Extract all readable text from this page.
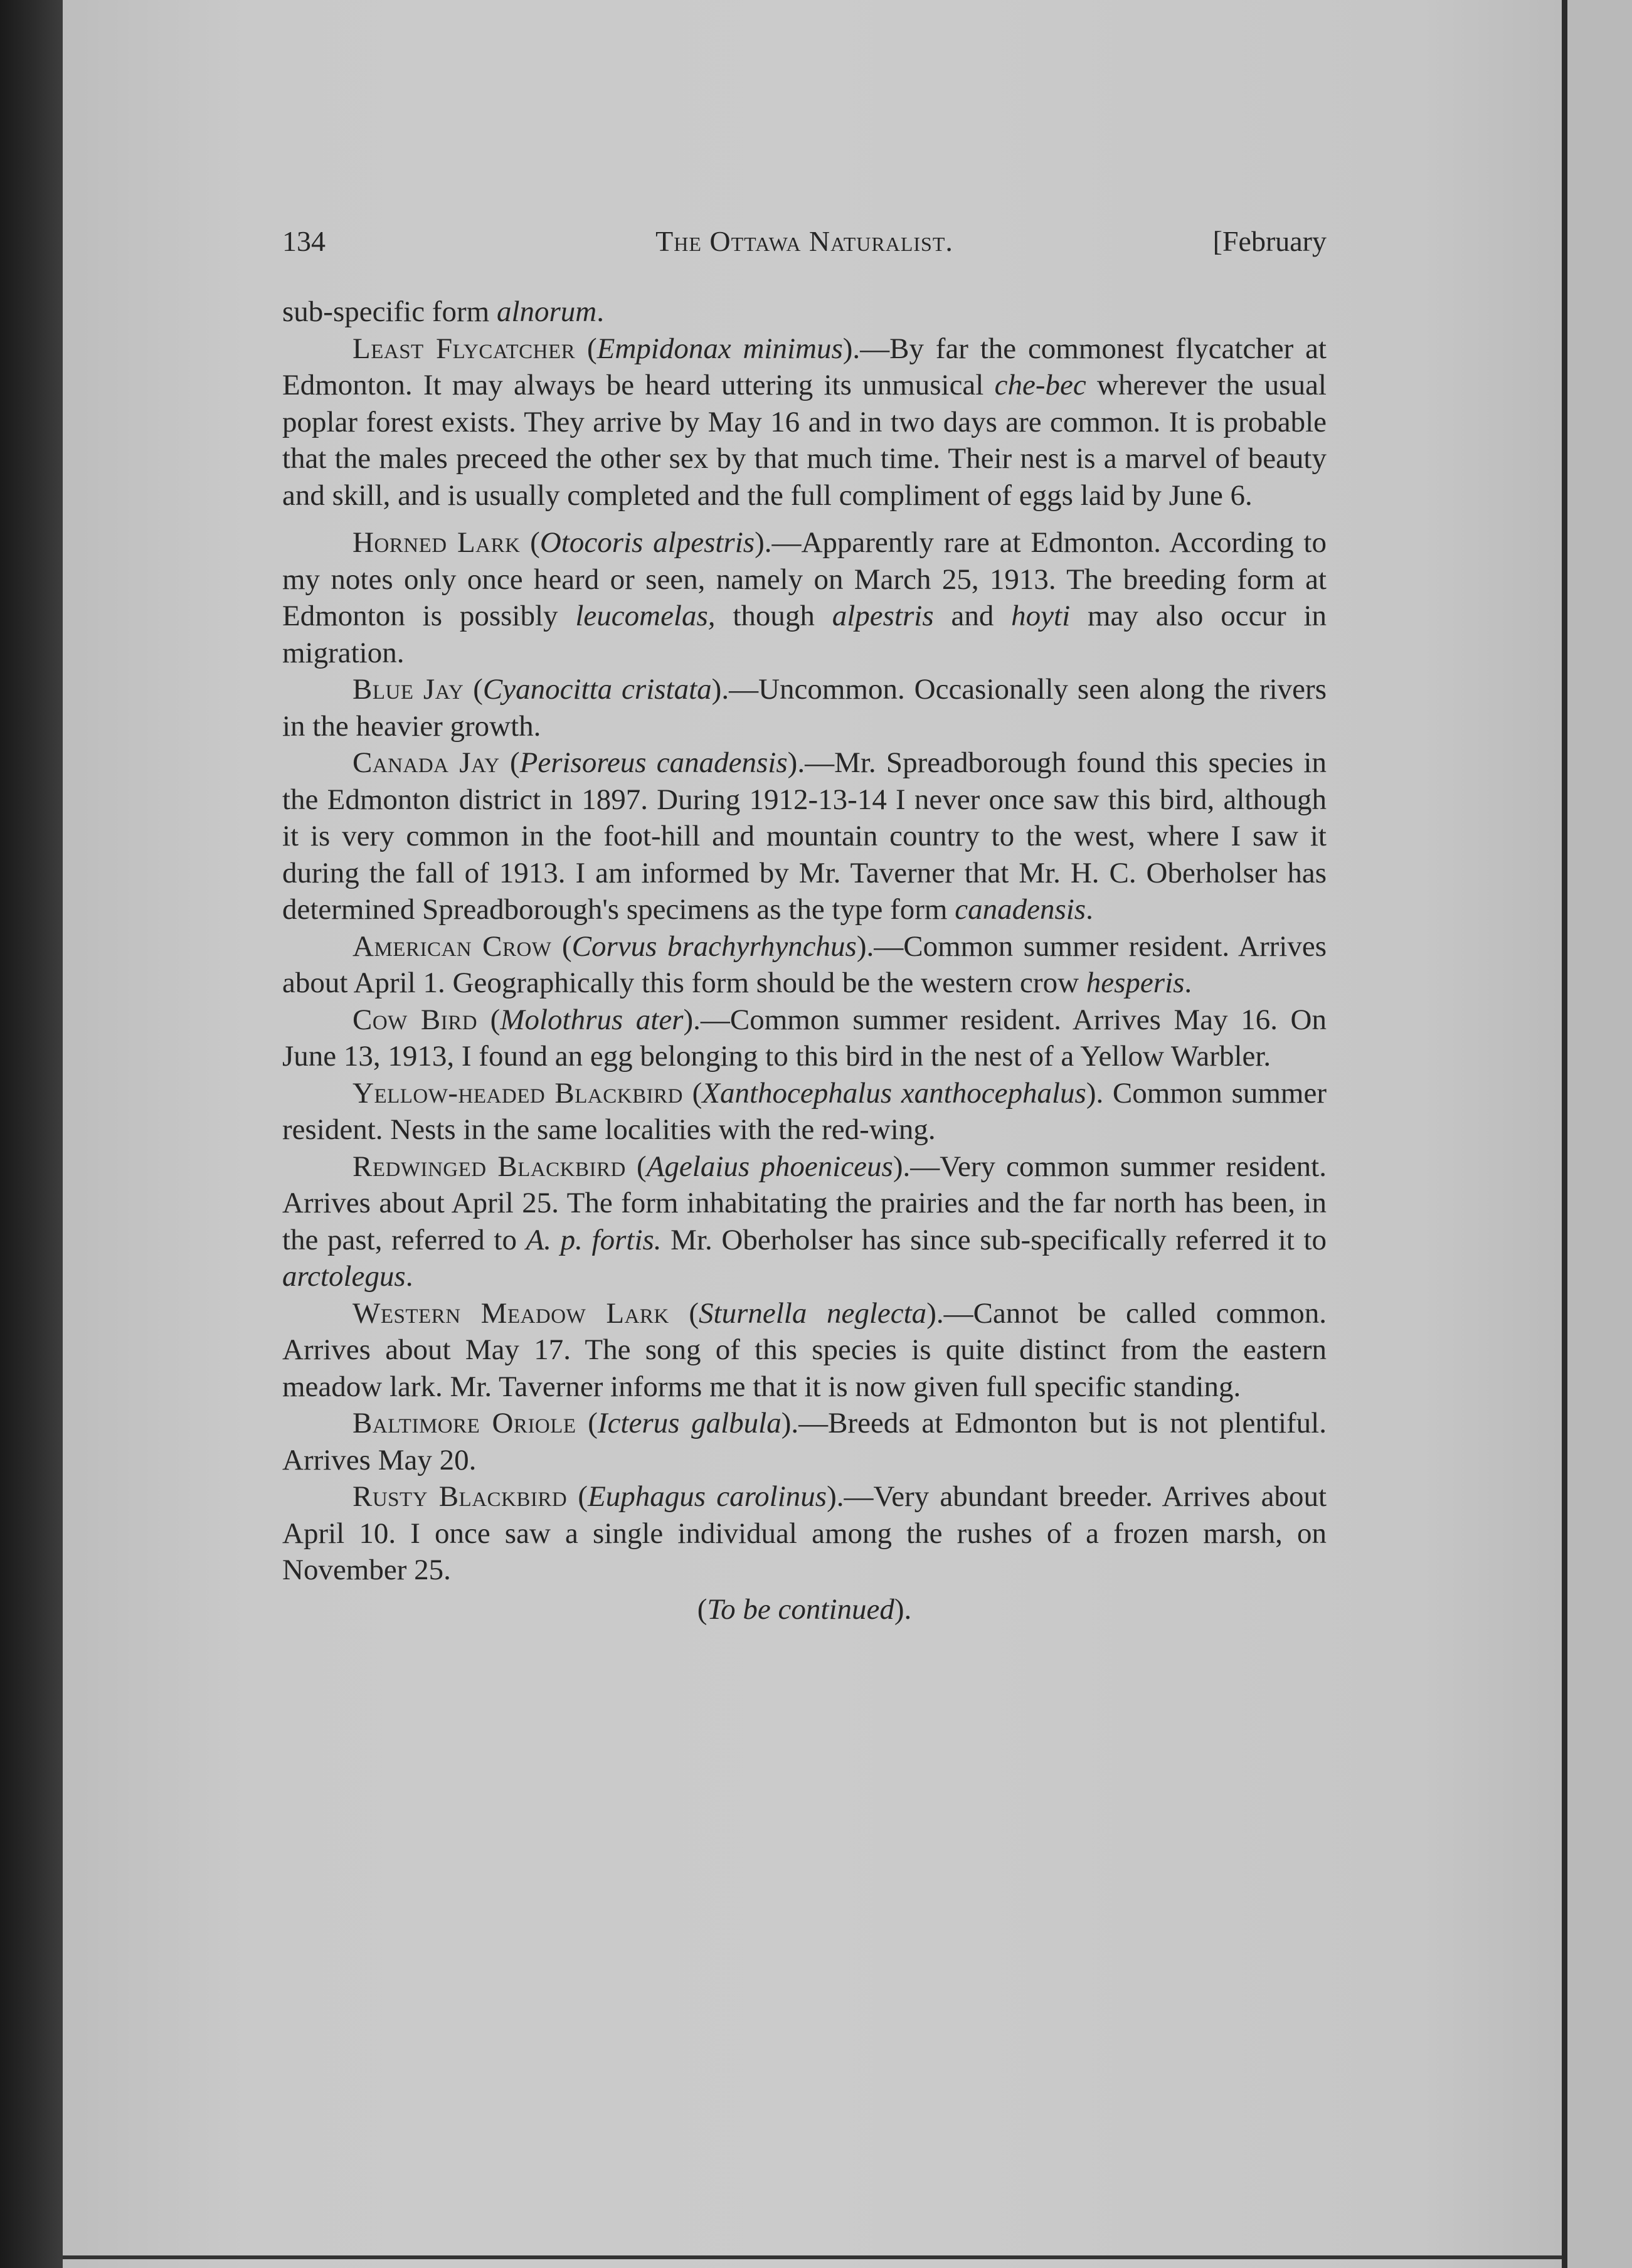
134	The Ottawa Naturalist.	[February

sub-specific form alnorum.

Least Flycatcher (Empidonax minimus).—By far the commonest flycatcher at Edmonton. It may always be heard uttering its unmusical che-bec wherever the usual poplar forest exists. They arrive by May 16 and in two days are common. It is probable that the males preceed the other sex by that much time. Their nest is a marvel of beauty and skill, and is usually completed and the full compliment of eggs laid by June 6.

Horned Lark (Otocoris alpestris).—Apparently rare at Edmonton. According to my notes only once heard or seen, namely on March 25, 1913. The breeding form at Edmonton is possibly leucomelas, though alpestris and hoyti may also occur in migration.

Blue Jay (Cyanocitta cristata).—Uncommon. Occasionally seen along the rivers in the heavier growth.

Canada Jay (Perisoreus canadensis).—Mr. Spreadborough found this species in the Edmonton district in 1897. During 1912-13-14 I never once saw this bird, although it is very common in the foot-hill and mountain country to the west, where I saw it during the fall of 1913. I am informed by Mr. Taverner that Mr. H. C. Oberholser has determined Spreadborough's specimens as the type form canadensis.

American Crow (Corvus brachyrhynchus).—Common summer resident. Arrives about April 1. Geographically this form should be the western crow hesperis.

Cow Bird (Molothrus ater).—Common summer resident. Arrives May 16. On June 13, 1913, I found an egg belonging to this bird in the nest of a Yellow Warbler.

Yellow-headed Blackbird (Xanthocephalus xanthocephalus). Common summer resident. Nests in the same localities with the red-wing.

Redwinged Blackbird (Agelaius phoeniceus).—Very common summer resident. Arrives about April 25. The form inhabitating the prairies and the far north has been, in the past, referred to A. p. fortis. Mr. Oberholser has since sub-specifically referred it to arctolegus.

Western Meadow Lark (Sturnella neglecta).—Cannot be called common. Arrives about May 17. The song of this species is quite distinct from the eastern meadow lark. Mr. Taverner informs me that it is now given full specific standing.

Baltimore Oriole (Icterus galbula).—Breeds at Edmonton but is not plentiful. Arrives May 20.

Rusty Blackbird (Euphagus carolinus).—Very abundant breeder. Arrives about April 10. I once saw a single individual among the rushes of a frozen marsh, on November 25.

(To be continued).
